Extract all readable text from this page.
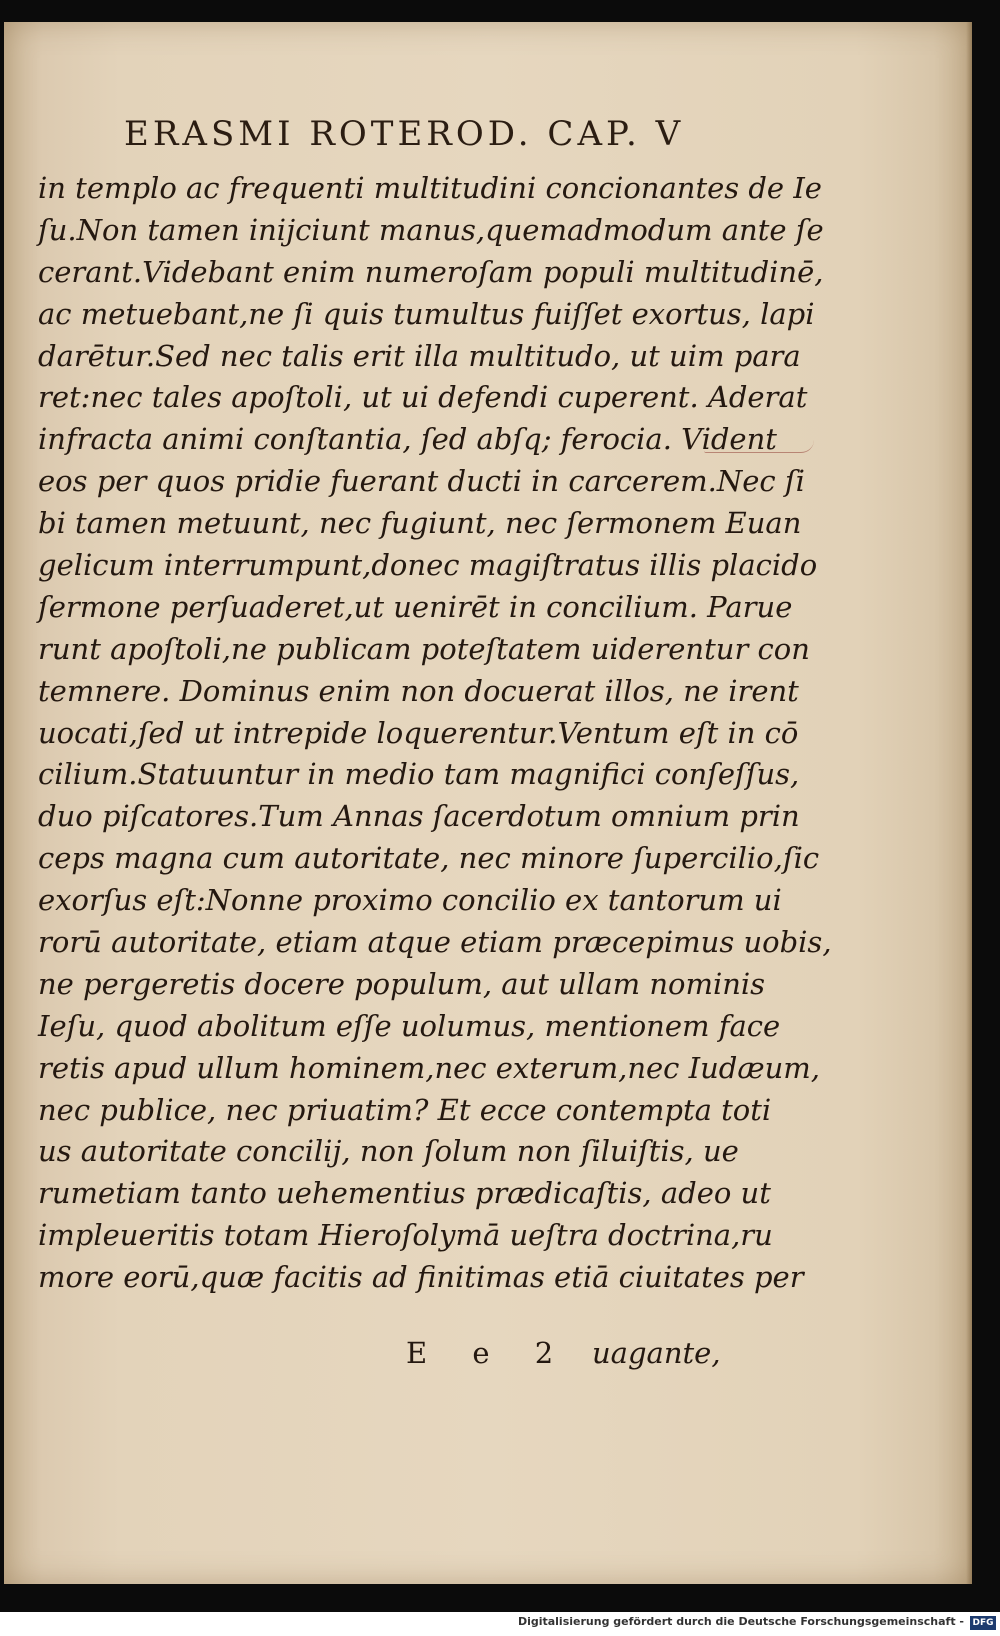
ERASMI ROTEROD. CAP. V
in templo ac frequenti multitudini concionantes de Ie
ſu.Non tamen inijciunt manus,quemadmodum ante ſe
cerant.Videbant enim numeroſam populi multitudinē,
ac metuebant,ne ſi quis tumultus fuiſſet exortus, lapi
darētur.Sed nec talis erit illa multitudo, ut uim para
ret:nec tales apoſtoli, ut ui defendi cuperent. Aderat
infracta animi conſtantia, ſed abſq; ferocia. Vident
eos per quos pridie fuerant ducti in carcerem.Nec ſi
bi tamen metuunt, nec fugiunt, nec ſermonem Euan
gelicum interrumpunt,donec magiſtratus illis placido
ſermone perſuaderet,ut uenirēt in concilium. Parue
runt apoſtoli,ne publicam poteſtatem uiderentur con
temnere. Dominus enim non docuerat illos, ne irent
uocati,ſed ut intrepide loquerentur.Ventum eſt in cō
cilium.Statuuntur in medio tam magnifici conſeſſus,
duo piſcatores.Tum Annas ſacerdotum omnium prin
ceps magna cum autoritate, nec minore ſupercilio,ſic
exorſus eſt:Nonne proximo concilio ex tantorum ui
rorū autoritate, etiam atque etiam præcepimus uobis,
ne pergeretis docere populum, aut ullam nominis
Ieſu, quod abolitum eſſe uolumus, mentionem face
retis apud ullum hominem,nec exterum,nec Iudæum,
nec publice, nec priuatim? Et ecce contempta toti
us autoritate concilij, non ſolum non ſiluiſtis, ue
rumetiam tanto uehementius prædicaſtis, adeo ut
impleueritis totam Hieroſolymā ueſtra doctrina,ru
more eorū,quæ facitis ad finitimas etiā ciuitates per
E e 2 uagante,
Digitalisierung gefördert durch die Deutsche Forschungsgemeinschaft - DFG
